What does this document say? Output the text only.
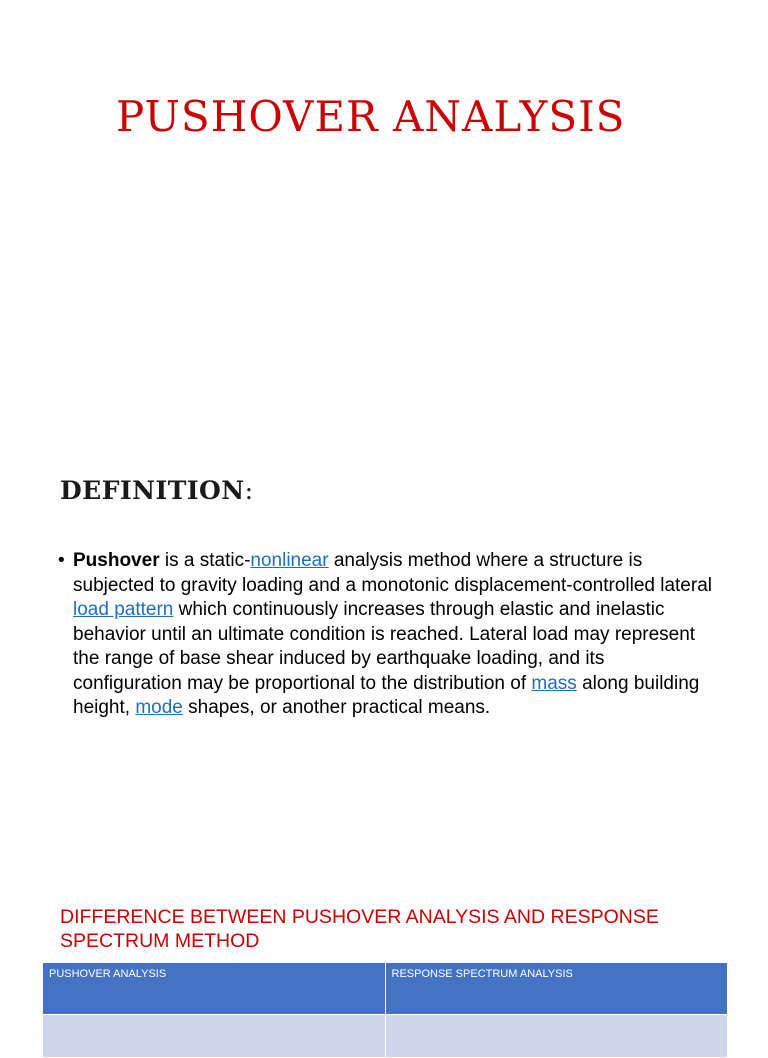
PUSHOVER ANALYSIS
DEFINITION:
• Pushover is a static-nonlinear analysis method where a structure is subjected to gravity loading and a monotonic displacement-controlled lateral load pattern which continuously increases through elastic and inelastic behavior until an ultimate condition is reached. Lateral load may represent the range of base shear induced by earthquake loading, and its configuration may be proportional to the distribution of mass along building height, mode shapes, or another practical means.
DIFFERENCE BETWEEN PUSHOVER ANALYSIS AND RESPONSE SPECTRUM METHOD
PUSHOVER ANALYSIS	RESPONSE SPECTRUM ANALYSIS
